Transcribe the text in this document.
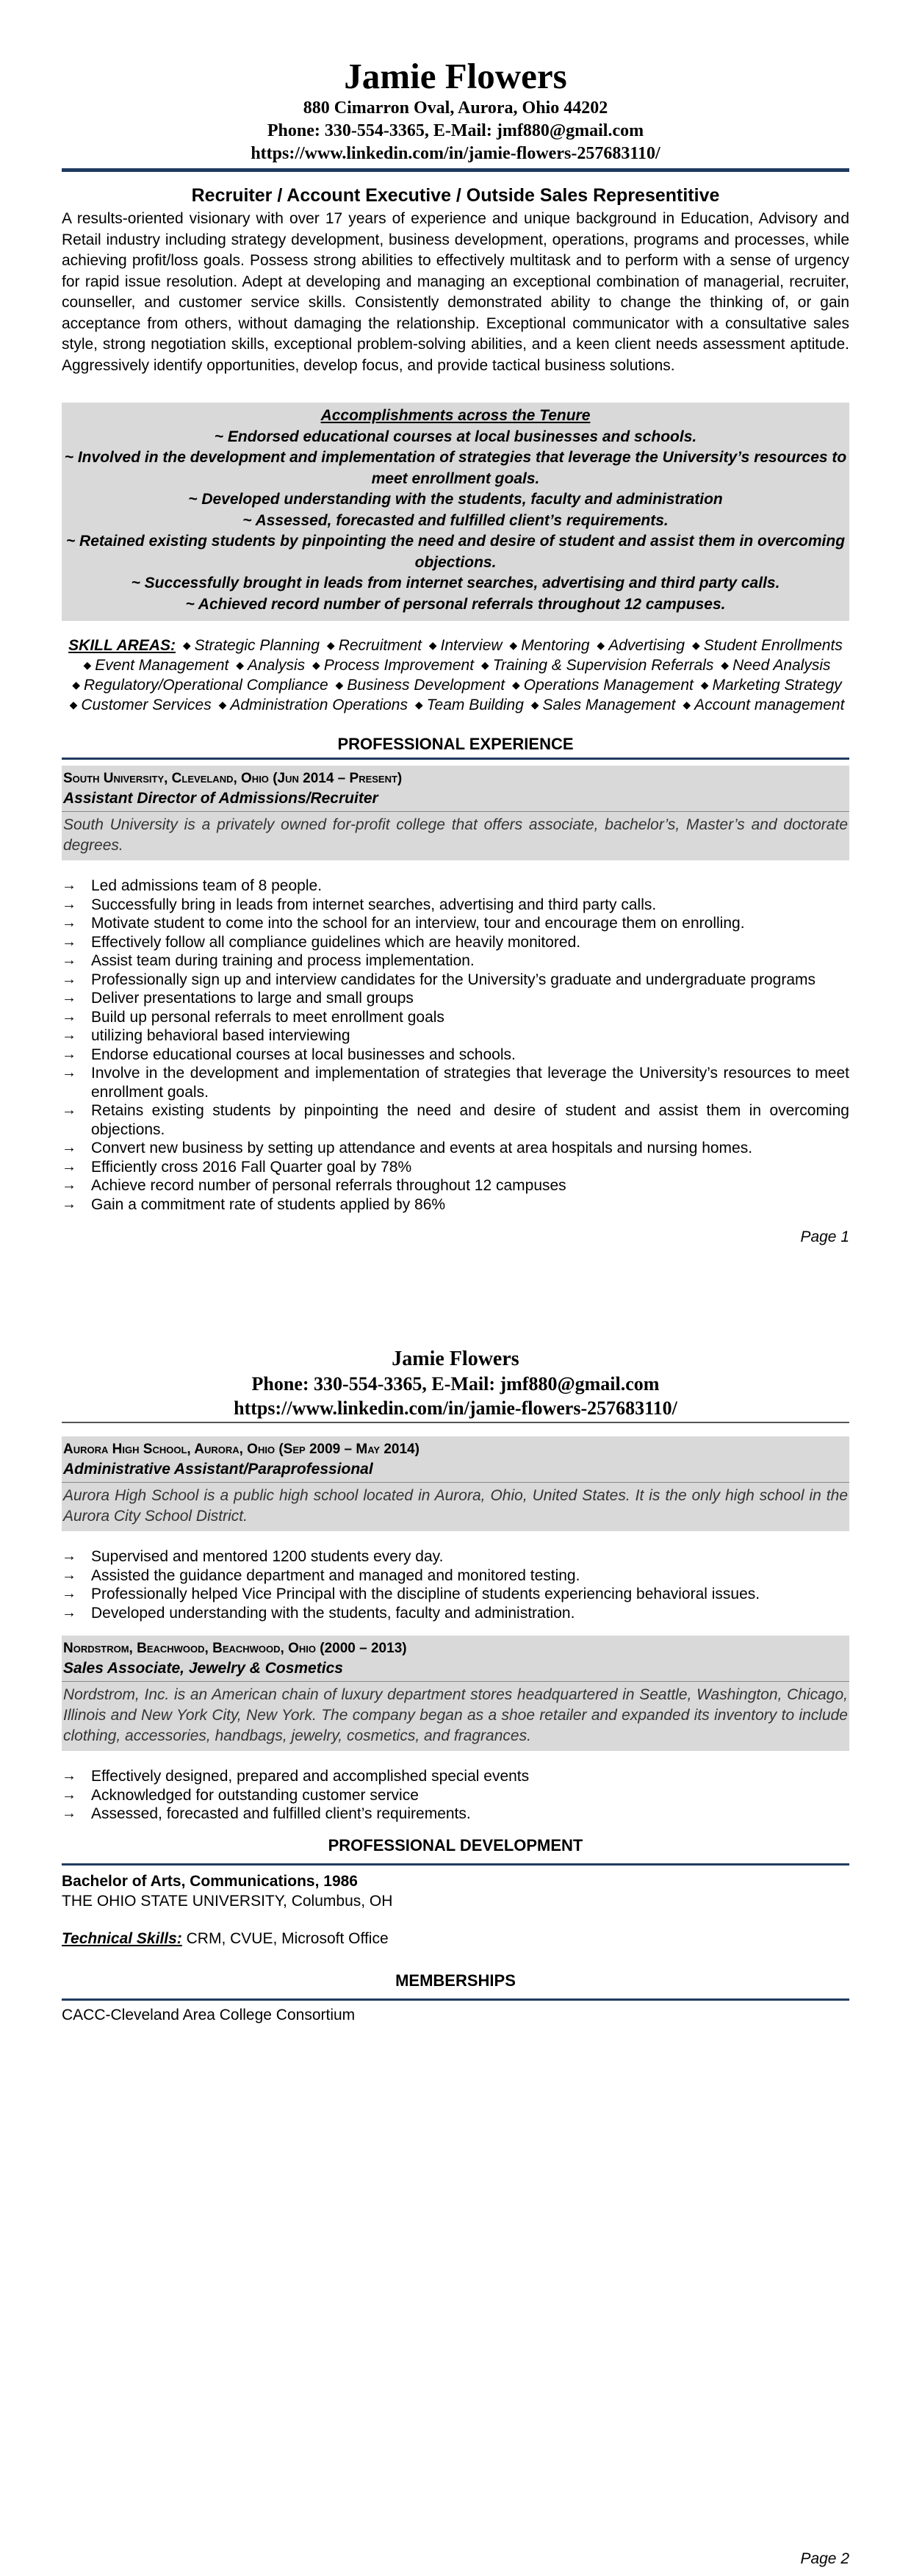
Jamie Flowers
880 Cimarron Oval, Aurora, Ohio 44202
Phone: 330-554-3365, E-Mail: jmf880@gmail.com
https://www.linkedin.com/in/jamie-flowers-257683110/
Recruiter / Account Executive / Outside Sales Representitive
A results-oriented visionary with over 17 years of experience and unique background in Education, Advisory and Retail industry including strategy development, business development, operations, programs and processes, while achieving profit/loss goals. Possess strong abilities to effectively multitask and to perform with a sense of urgency for rapid issue resolution. Adept at developing and managing an exceptional combination of managerial, recruiter, counseller, and customer service skills. Consistently demonstrated ability to change the thinking of, or gain acceptance from others, without damaging the relationship. Exceptional communicator with a consultative sales style, strong negotiation skills, exceptional problem-solving abilities, and a keen client needs assessment aptitude. Aggressively identify opportunities, develop focus, and provide tactical business solutions.
Accomplishments across the Tenure
~ Endorsed educational courses at local businesses and schools.
~ Involved in the development and implementation of strategies that leverage the University’s resources to meet enrollment goals.
~ Developed understanding with the students, faculty and administration
~ Assessed, forecasted and fulfilled client’s requirements.
~ Retained existing students by pinpointing the need and desire of student and assist them in overcoming objections.
~ Successfully brought in leads from internet searches, advertising and third party calls.
~ Achieved record number of personal referrals throughout 12 campuses.
SKILL AREAS: ◆ Strategic Planning ◆ Recruitment ◆ Interview ◆ Mentoring ◆ Advertising ◆ Student Enrollments ◆ Event Management ◆ Analysis ◆ Process Improvement ◆ Training & Supervision Referrals ◆ Need Analysis ◆ Regulatory/Operational Compliance ◆ Business Development ◆ Operations Management ◆ Marketing Strategy ◆ Customer Services ◆ Administration Operations ◆ Team Building ◆ Sales Management ◆ Account management
PROFESSIONAL EXPERIENCE
South University, Cleveland, Ohio (Jun 2014 – Present)
Assistant Director of Admissions/Recruiter
South University is a privately owned for-profit college that offers associate, bachelor’s, Master’s and doctorate degrees.
→ Led admissions team of 8 people.
→ Successfully bring in leads from internet searches, advertising and third party calls.
→ Motivate student to come into the school for an interview, tour and encourage them on enrolling.
→ Effectively follow all compliance guidelines which are heavily monitored.
→ Assist team during training and process implementation.
→ Professionally sign up and interview candidates for the University’s graduate and undergraduate programs
→ Deliver presentations to large and small groups
→ Build up personal referrals to meet enrollment goals
→ utilizing behavioral based interviewing
→ Endorse educational courses at local businesses and schools.
→ Involve in the development and implementation of strategies that leverage the University’s resources to meet enrollment goals.
→ Retains existing students by pinpointing the need and desire of student and assist them in overcoming objections.
→ Convert new business by setting up attendance and events at area hospitals and nursing homes.
→ Efficiently cross 2016 Fall Quarter goal by 78%
→ Achieve record number of personal referrals throughout 12 campuses
→ Gain a commitment rate of students applied by 86%
Page 1
Jamie Flowers
Phone: 330-554-3365, E-Mail: jmf880@gmail.com
https://www.linkedin.com/in/jamie-flowers-257683110/
Aurora High School, Aurora, Ohio (Sep 2009 – May 2014)
Administrative Assistant/Paraprofessional
Aurora High School is a public high school located in Aurora, Ohio, United States. It is the only high school in the Aurora City School District.
→ Supervised and mentored 1200 students every day.
→ Assisted the guidance department and managed and monitored testing.
→ Professionally helped Vice Principal with the discipline of students experiencing behavioral issues.
→ Developed understanding with the students, faculty and administration.
Nordstrom, Beachwood, Beachwood, Ohio (2000 – 2013)
Sales Associate, Jewelry & Cosmetics
Nordstrom, Inc. is an American chain of luxury department stores headquartered in Seattle, Washington, Chicago, Illinois and New York City, New York. The company began as a shoe retailer and expanded its inventory to include clothing, accessories, handbags, jewelry, cosmetics, and fragrances.
→ Effectively designed, prepared and accomplished special events
→ Acknowledged for outstanding customer service
→ Assessed, forecasted and fulfilled client’s requirements.
PROFESSIONAL DEVELOPMENT
Bachelor of Arts, Communications, 1986
THE OHIO STATE UNIVERSITY, Columbus, OH
Technical Skills: CRM, CVUE, Microsoft Office
MEMBERSHIPS
CACC-Cleveland Area College Consortium
Page 2
